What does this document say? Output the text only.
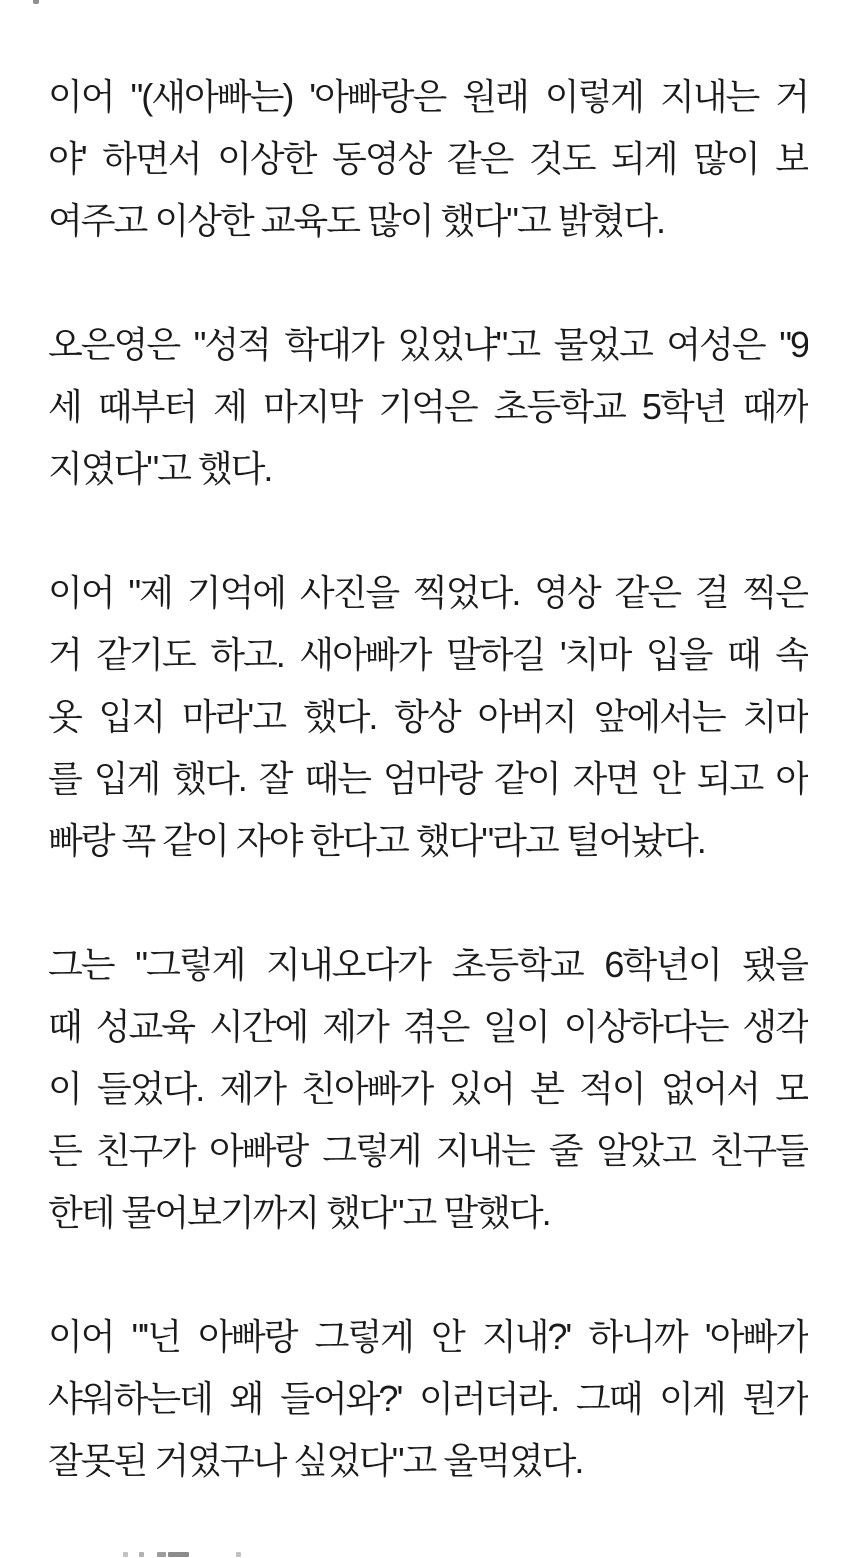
이어 "(새아빠는) '아빠랑은 원래 이렇게 지내는 거
야' 하면서 이상한 동영상 같은 것도 되게 많이 보
여주고 이상한 교육도 많이 했다"고 밝혔다.

오은영은 "성적 학대가 있었냐"고 물었고 여성은 "9
세 때부터 제 마지막 기억은 초등학교 5학년 때까
지였다"고 했다.

이어 "제 기억에 사진을 찍었다. 영상 같은 걸 찍은
거 같기도 하고. 새아빠가 말하길 '치마 입을 때 속
옷 입지 마라'고 했다. 항상 아버지 앞에서는 치마
를 입게 했다. 잘 때는 엄마랑 같이 자면 안 되고 아
빠랑 꼭 같이 자야 한다고 했다"라고 털어놨다.

그는 "그렇게 지내오다가 초등학교 6학년이 됐을
때 성교육 시간에 제가 겪은 일이 이상하다는 생각
이 들었다. 제가 친아빠가 있어 본 적이 없어서 모
든 친구가 아빠랑 그렇게 지내는 줄 알았고 친구들
한테 물어보기까지 했다"고 말했다.

이어 "'넌 아빠랑 그렇게 안 지내?' 하니까 '아빠가
샤워하는데 왜 들어와?' 이러더라. 그때 이게 뭔가
잘못된 거였구나 싶었다"고 울먹였다.
